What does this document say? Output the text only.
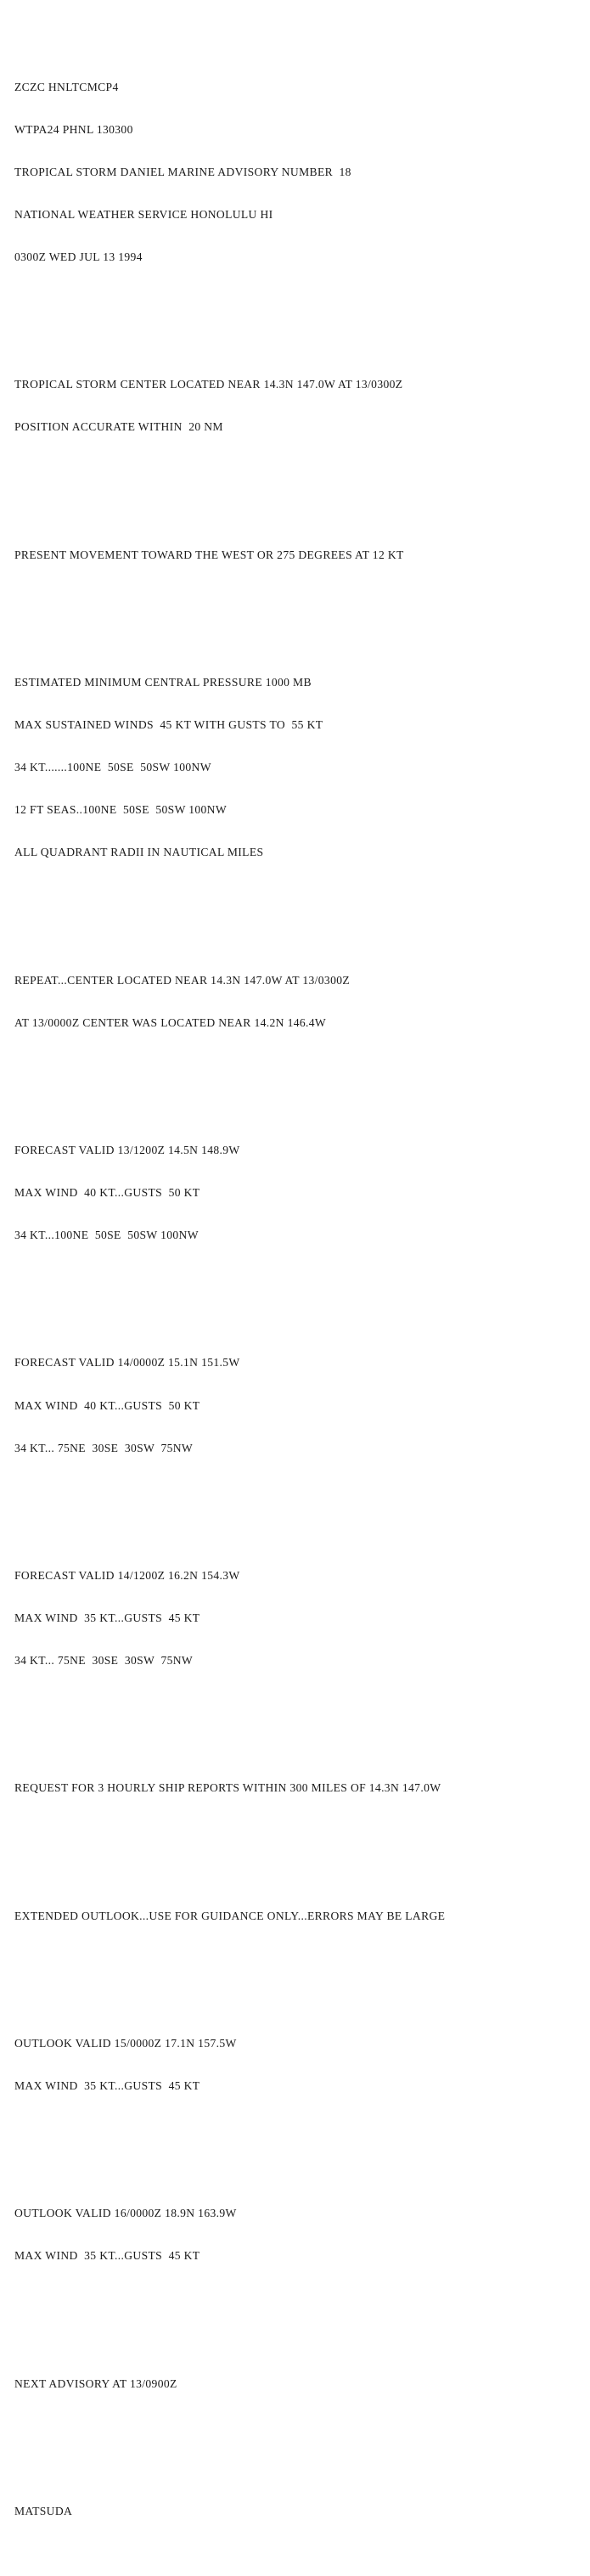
ZCZC HNLTCMCP4

WTPA24 PHNL 130300

TROPICAL STORM DANIEL MARINE ADVISORY NUMBER  18

NATIONAL WEATHER SERVICE HONOLULU HI

0300Z WED JUL 13 1994

TROPICAL STORM CENTER LOCATED NEAR 14.3N 147.0W AT 13/0300Z

POSITION ACCURATE WITHIN  20 NM

PRESENT MOVEMENT TOWARD THE WEST OR 275 DEGREES AT 12 KT

ESTIMATED MINIMUM CENTRAL PRESSURE 1000 MB

MAX SUSTAINED WINDS  45 KT WITH GUSTS TO  55 KT

34 KT.......100NE  50SE  50SW 100NW

12 FT SEAS..100NE  50SE  50SW 100NW

ALL QUADRANT RADII IN NAUTICAL MILES

REPEAT...CENTER LOCATED NEAR 14.3N 147.0W AT 13/0300Z

AT 13/0000Z CENTER WAS LOCATED NEAR 14.2N 146.4W

FORECAST VALID 13/1200Z 14.5N 148.9W

MAX WIND  40 KT...GUSTS  50 KT

34 KT...100NE  50SE  50SW 100NW

FORECAST VALID 14/0000Z 15.1N 151.5W

MAX WIND  40 KT...GUSTS  50 KT

34 KT... 75NE  30SE  30SW  75NW

FORECAST VALID 14/1200Z 16.2N 154.3W

MAX WIND  35 KT...GUSTS  45 KT

34 KT... 75NE  30SE  30SW  75NW

REQUEST FOR 3 HOURLY SHIP REPORTS WITHIN 300 MILES OF 14.3N 147.0W

EXTENDED OUTLOOK...USE FOR GUIDANCE ONLY...ERRORS MAY BE LARGE

OUTLOOK VALID 15/0000Z 17.1N 157.5W

MAX WIND  35 KT...GUSTS  45 KT

OUTLOOK VALID 16/0000Z 18.9N 163.9W

MAX WIND  35 KT...GUSTS  45 KT

NEXT ADVISORY AT 13/0900Z

MATSUDA
